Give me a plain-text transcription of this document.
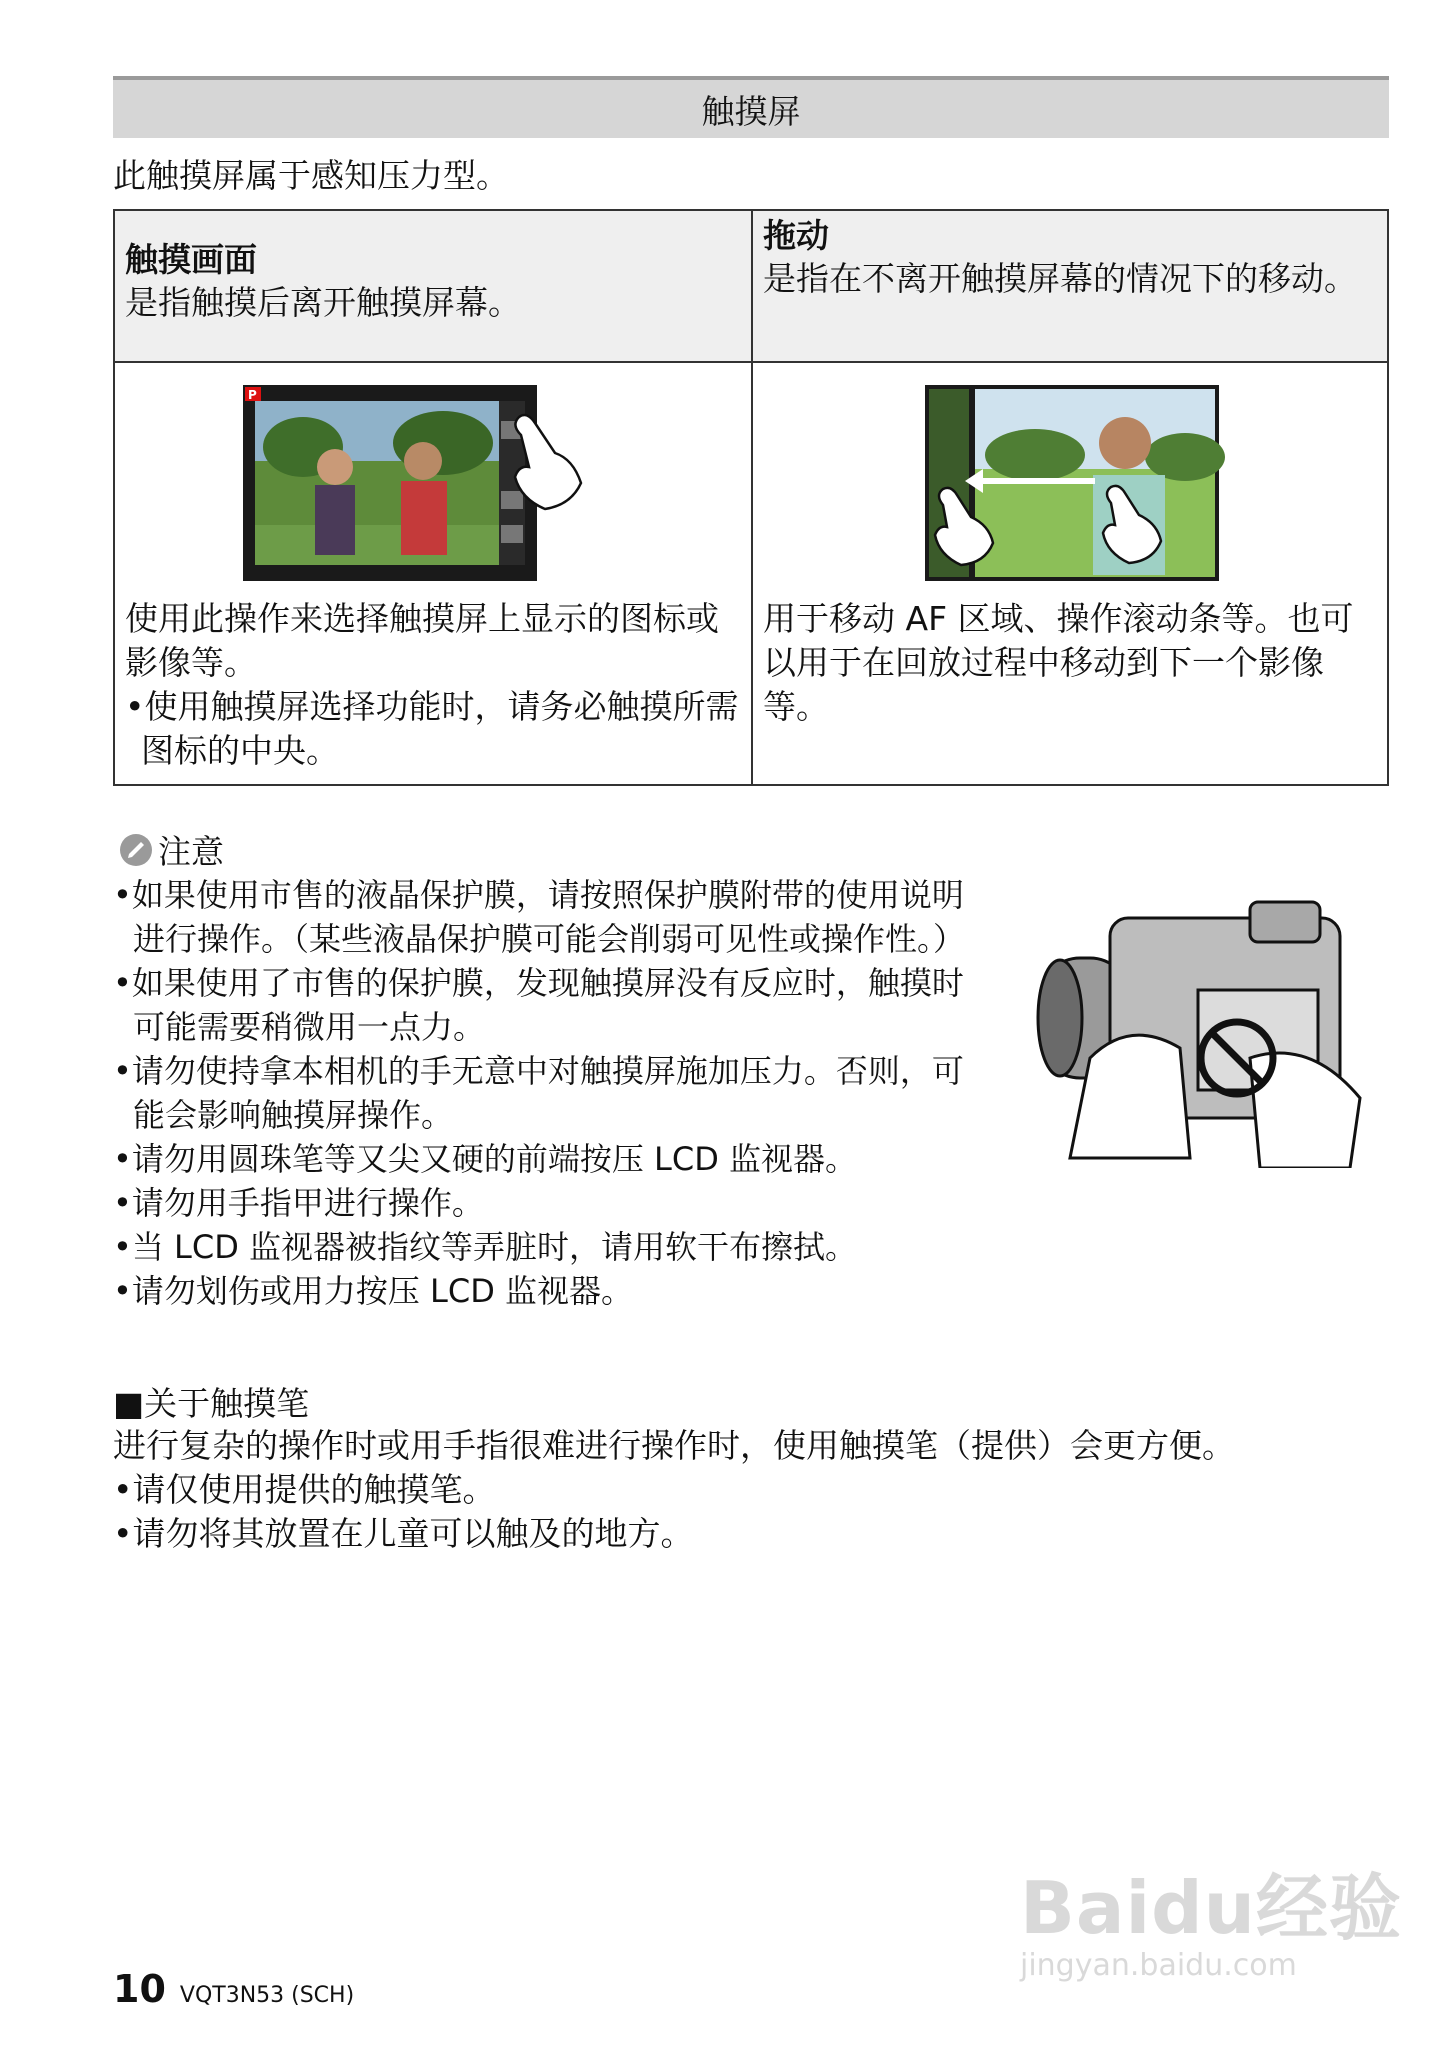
触摸屏
此触摸屏属于感知压力型。
触摸画面
是指触摸后离开触摸屏幕。
拖动
是指在不离开触摸屏幕的情况下的移动。
P
使用此操作来选择触摸屏上显示的图标或影像等。
•使用触摸屏选择功能时，请务必触摸所需图标的中央。
用于移动 AF 区域、操作滚动条等。也可以用于在回放过程中移动到下一个影像等。
注意
•如果使用市售的液晶保护膜，请按照保护膜附带的使用说明进行操作。（某些液晶保护膜可能会削弱可见性或操作性。）
•如果使用了市售的保护膜，发现触摸屏没有反应时，触摸时可能需要稍微用一点力。
•请勿使持拿本相机的手无意中对触摸屏施加压力。否则，可能会影响触摸屏操作。
•请勿用圆珠笔等又尖又硬的前端按压 LCD 监视器。
•请勿用手指甲进行操作。
•当 LCD 监视器被指纹等弄脏时，请用软干布擦拭。
•请勿划伤或用力按压 LCD 监视器。
■关于触摸笔
进行复杂的操作时或用手指很难进行操作时，使用触摸笔（提供）会更方便。
•请仅使用提供的触摸笔。
•请勿将其放置在儿童可以触及的地方。
10 VQT3N53 (SCH)
Baidu经验
jingyan.baidu.com
